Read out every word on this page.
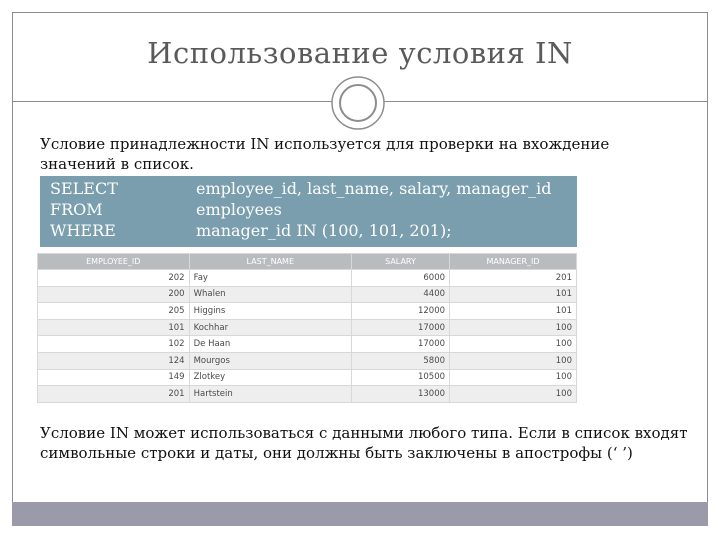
Использование условия IN
Условие принадлежности IN используется для проверки на вхождение значений в список.
SELECT	employee_id, last_name, salary, manager_id
FROM	employees
WHERE	manager_id IN (100, 101, 201);
EMPLOYEE_ID	LAST_NAME	SALARY	MANAGER_ID
202	Fay	6000	201
200	Whalen	4400	101
205	Higgins	12000	101
101	Kochhar	17000	100
102	De Haan	17000	100
124	Mourgos	5800	100
149	Zlotkey	10500	100
201	Hartstein	13000	100
Условие IN может использоваться с данными любого типа. Если в список входят символьные строки и даты, они должны быть заключены в апострофы (‘ ’)
